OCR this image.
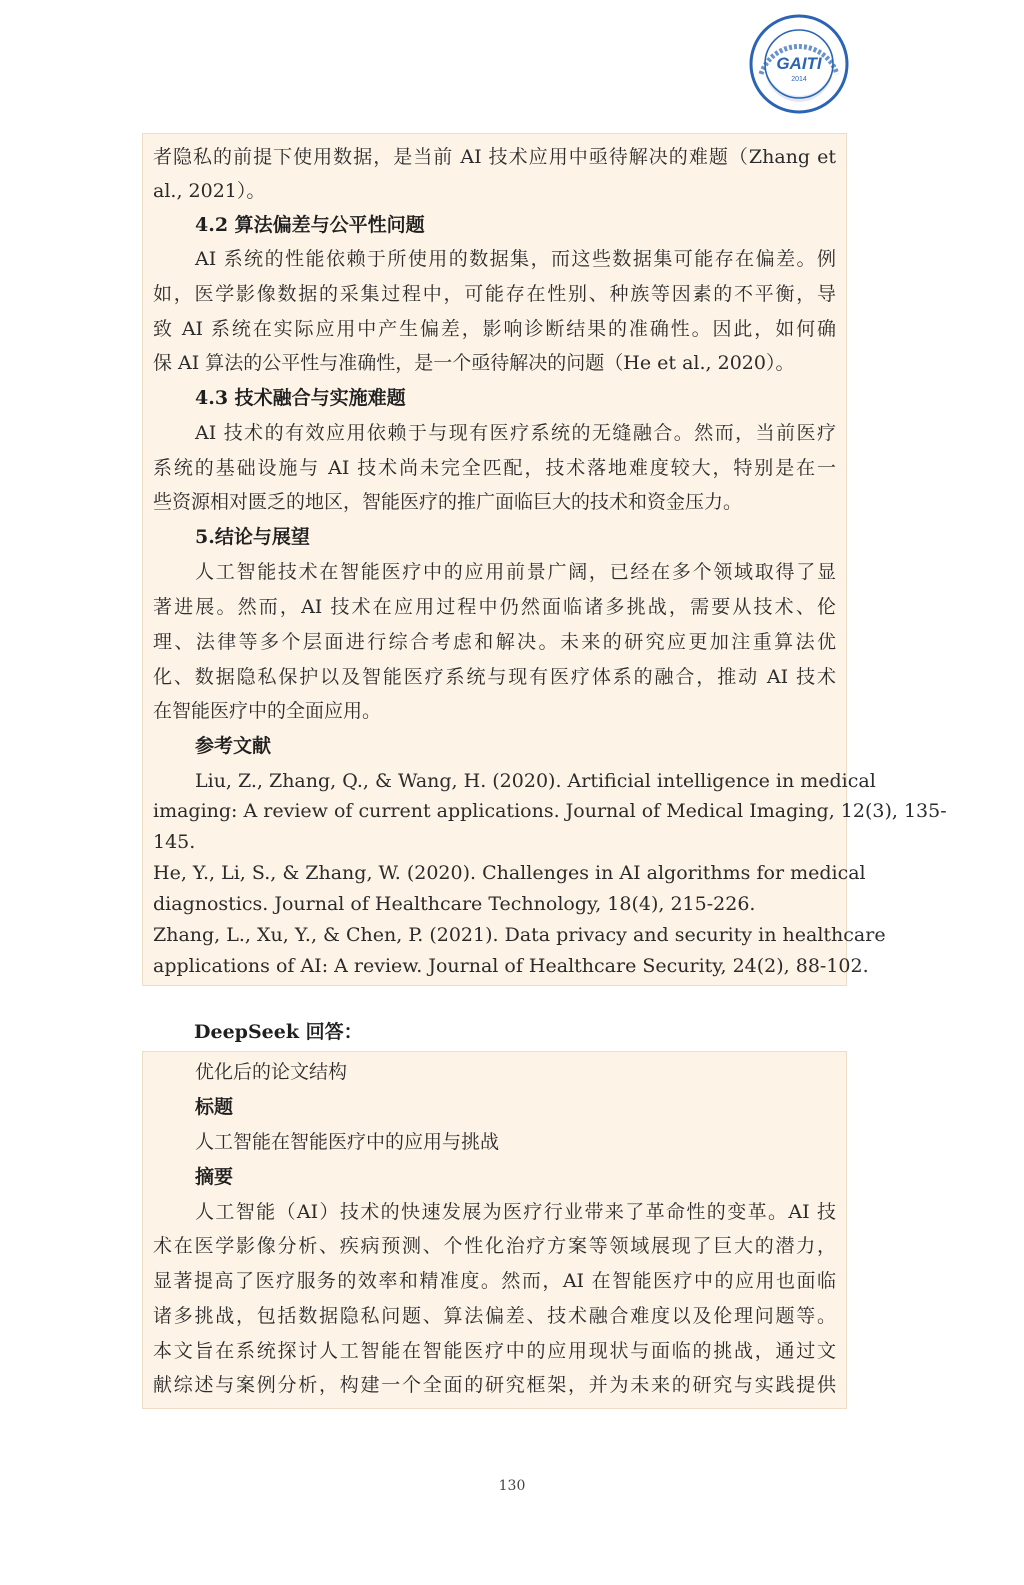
GAITI
2014
者隐私的前提下使用数据，是当前 AI 技术应用中亟待解决的难题（Zhang et
al., 2021）。
4.2 算法偏差与公平性问题
AI 系统的性能依赖于所使用的数据集，而这些数据集可能存在偏差。例
如，医学影像数据的采集过程中，可能存在性别、种族等因素的不平衡，导
致 AI 系统在实际应用中产生偏差，影响诊断结果的准确性。因此，如何确
保 AI 算法的公平性与准确性，是一个亟待解决的问题（He et al., 2020）。
4.3 技术融合与实施难题
AI 技术的有效应用依赖于与现有医疗系统的无缝融合。然而，当前医疗
系统的基础设施与 AI 技术尚未完全匹配，技术落地难度较大，特别是在一
些资源相对匮乏的地区，智能医疗的推广面临巨大的技术和资金压力。
5.结论与展望
人工智能技术在智能医疗中的应用前景广阔，已经在多个领域取得了显
著进展。然而，AI 技术在应用过程中仍然面临诸多挑战，需要从技术、伦
理、法律等多个层面进行综合考虑和解决。未来的研究应更加注重算法优
化、数据隐私保护以及智能医疗系统与现有医疗体系的融合，推动 AI 技术
在智能医疗中的全面应用。
参考文献
Liu, Z., Zhang, Q., & Wang, H. (2020). Artificial intelligence in medical
imaging: A review of current applications. Journal of Medical Imaging, 12(3), 135-
145.
He, Y., Li, S., & Zhang, W. (2020). Challenges in AI algorithms for medical
diagnostics. Journal of Healthcare Technology, 18(4), 215-226.
Zhang, L., Xu, Y., & Chen, P. (2021). Data privacy and security in healthcare
applications of AI: A review. Journal of Healthcare Security, 24(2), 88-102.
DeepSeek 回答：
优化后的论文结构
标题
人工智能在智能医疗中的应用与挑战
摘要
人工智能（AI）技术的快速发展为医疗行业带来了革命性的变革。AI 技
术在医学影像分析、疾病预测、个性化治疗方案等领域展现了巨大的潜力，
显著提高了医疗服务的效率和精准度。然而，AI 在智能医疗中的应用也面临
诸多挑战，包括数据隐私问题、算法偏差、技术融合难度以及伦理问题等。
本文旨在系统探讨人工智能在智能医疗中的应用现状与面临的挑战，通过文
献综述与案例分析，构建一个全面的研究框架，并为未来的研究与实践提供
130
